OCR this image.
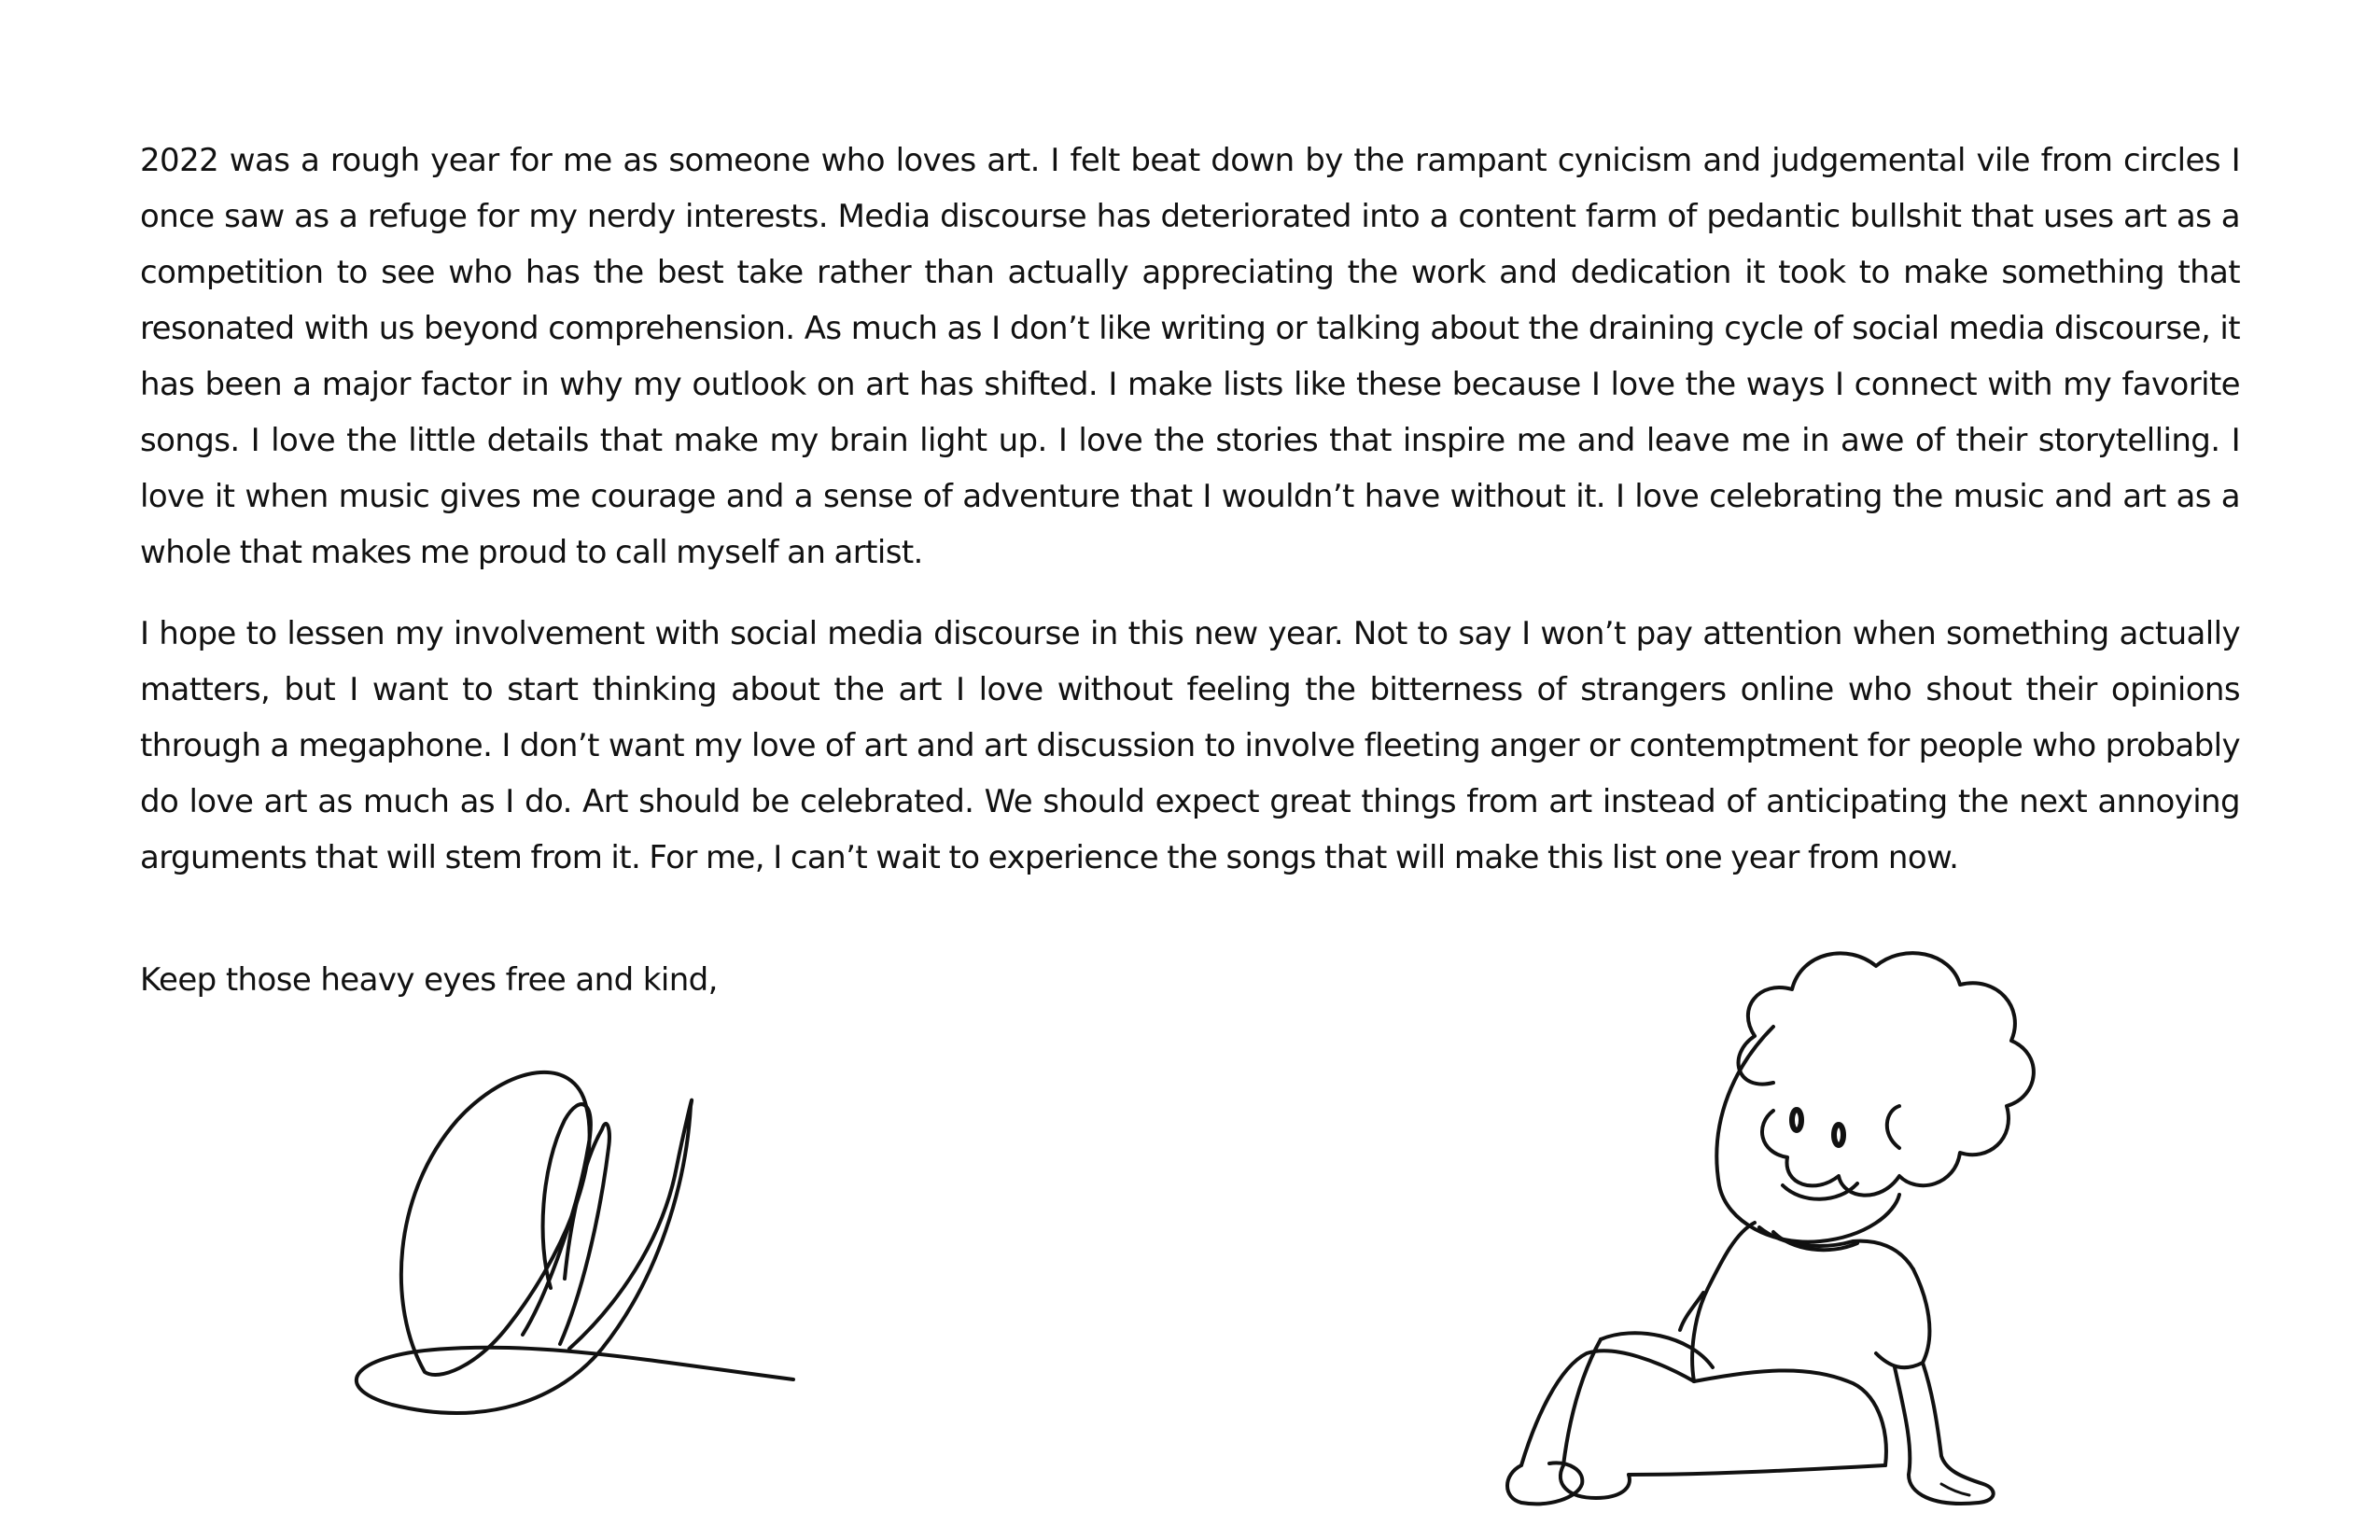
2022 was a rough year for me as someone who loves art. I felt beat down by the rampant cynicism and judgemental vile from circles I once saw as a refuge for my nerdy interests. Media discourse has deteriorated into a content farm of pedantic bullshit that uses art as a competition to see who has the best take rather than actually appreciating the work and dedication it took to make something that resonated with us beyond comprehension. As much as I don’t like writing or talking about the draining cycle of social media discourse, it has been a major factor in why my outlook on art has shifted. I make lists like these because I love the ways I connect with my favorite songs. I love the little details that make my brain light up. I love the stories that inspire me and leave me in awe of their storytelling. I love it when music gives me courage and a sense of adventure that I wouldn’t have without it. I love celebrating the music and art as a whole that makes me proud to call myself an artist.

I hope to lessen my involvement with social media discourse in this new year. Not to say I won’t pay attention when something actually matters, but I want to start thinking about the art I love without feeling the bitterness of strangers online who shout their opinions through a megaphone. I don’t want my love of art and art discussion to involve fleeting anger or contemptment for people who probably do love art as much as I do. Art should be celebrated. We should expect great things from art instead of anticipating the next annoying arguments that will stem from it. For me, I can’t wait to experience the songs that will make this list one year from now.

Keep those heavy eyes free and kind,
